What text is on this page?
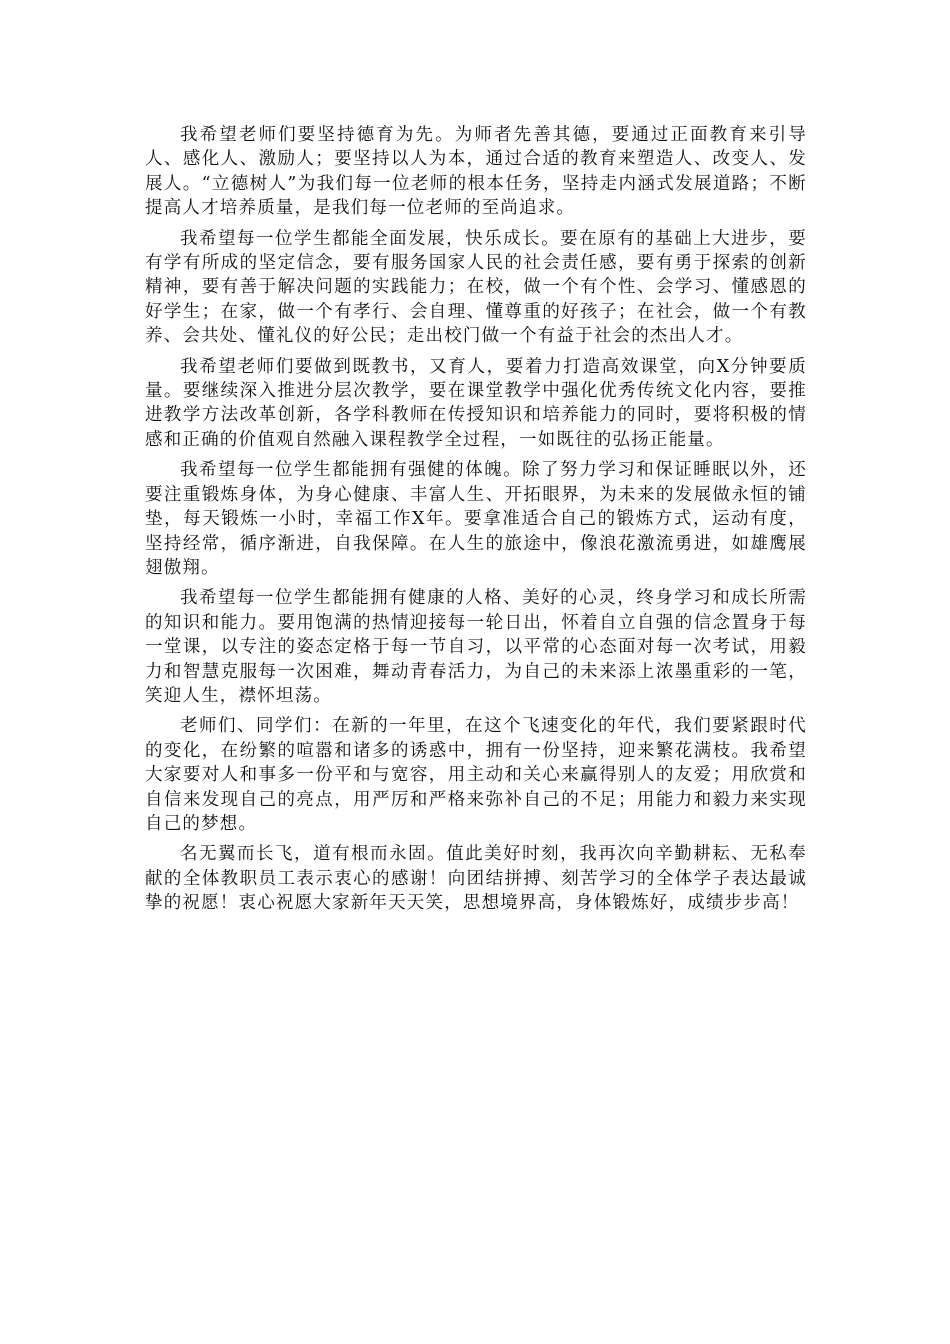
我希望老师们要坚持德育为先。为师者先善其德，要通过正面教育来引导人、感化人、激励人；要坚持以人为本，通过合适的教育来塑造人、改变人、发展人。“立德树人”为我们每一位老师的根本任务，坚持走内涵式发展道路；不断提高人才培养质量，是我们每一位老师的至尚追求。

我希望每一位学生都能全面发展，快乐成长。要在原有的基础上大进步，要有学有所成的坚定信念，要有服务国家人民的社会责任感，要有勇于探索的创新精神，要有善于解决问题的实践能力；在校，做一个有个性、会学习、懂感恩的好学生；在家，做一个有孝行、会自理、懂尊重的好孩子；在社会，做一个有教养、会共处、懂礼仪的好公民；走出校门做一个有益于社会的杰出人才。

我希望老师们要做到既教书，又育人，要着力打造高效课堂，向X分钟要质量。要继续深入推进分层次教学，要在课堂教学中强化优秀传统文化内容，要推进教学方法改革创新，各学科教师在传授知识和培养能力的同时，要将积极的情感和正确的价值观自然融入课程教学全过程，一如既往的弘扬正能量。

我希望每一位学生都能拥有强健的体魄。除了努力学习和保证睡眠以外，还要注重锻炼身体，为身心健康、丰富人生、开拓眼界，为未来的发展做永恒的铺垫，每天锻炼一小时，幸福工作X年。要拿准适合自己的锻炼方式，运动有度，坚持经常，循序渐进，自我保障。在人生的旅途中，像浪花激流勇进，如雄鹰展翅傲翔。

我希望每一位学生都能拥有健康的人格、美好的心灵，终身学习和成长所需的知识和能力。要用饱满的热情迎接每一轮日出，怀着自立自强的信念置身于每一堂课，以专注的姿态定格于每一节自习，以平常的心态面对每一次考试，用毅力和智慧克服每一次困难，舞动青春活力，为自己的未来添上浓墨重彩的一笔，笑迎人生，襟怀坦荡。

老师们、同学们：在新的一年里，在这个飞速变化的年代，我们要紧跟时代的变化，在纷繁的喧嚣和诸多的诱惑中，拥有一份坚持，迎来繁花满枝。我希望大家要对人和事多一份平和与宽容，用主动和关心来赢得别人的友爱；用欣赏和自信来发现自己的亮点，用严厉和严格来弥补自己的不足；用能力和毅力来实现自己的梦想。

名无翼而长飞，道有根而永固。值此美好时刻，我再次向辛勤耕耘、无私奉献的全体教职员工表示衷心的感谢！向团结拼搏、刻苦学习的全体学子表达最诚挚的祝愿！衷心祝愿大家新年天天笑，思想境界高，身体锻炼好，成绩步步高！
